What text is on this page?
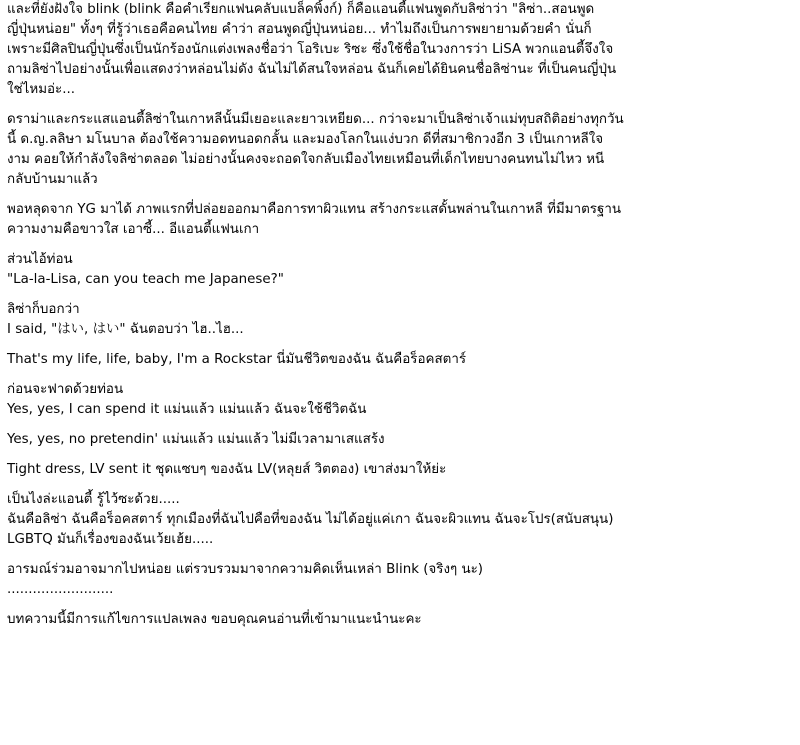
และที่ยังฝังใจ blink (blink คือคำเรียกแฟนคลับแบล็คพิ้งก์) ก็คือแอนตี้แฟนพูดกับลิซ่าว่า "ลิซ่า..สอนพูด
ญี่ปุ่นหน่อย" ทั้งๆ ที่รู้ว่าเธอคือคนไทย คำว่า สอนพูดญี่ปุ่นหน่อย... ทำไมถึงเป็นการพยายามด้วยคำ นั่นก็
เพราะมีศิลปินญี่ปุ่นซึ่งเป็นนักร้องนักแต่งเพลงชื่อว่า โอริเบะ ริซะ ซึ่งใช้ชื่อในวงการว่า LiSA พวกแอนตี้จึงใจ
ถามลิซ่าไปอย่างนั้นเพื่อแสดงว่าหล่อนไม่ดัง ฉันไม่ได้สนใจหล่อน ฉันก็เคยได้ยินคนชื่อลิซ่านะ ที่เป็นคนญี่ปุ่น
ใช่ไหมอ่ะ...
ดราม่าและกระแสแอนตี้ลิซ่าในเกาหลีนั้นมีเยอะและยาวเหยียด... กว่าจะมาเป็นลิซ่าเจ้าแม่ทุบสถิติอย่างทุกวัน
นี้ ด.ญ.ลลิษา มโนบาล ต้องใช้ความอดทนอดกลั้น และมองโลกในแง่บวก ดีที่สมาชิกวงอีก 3 เป็นเกาหลีใจ
งาม คอยให้กำลังใจลิซ่าตลอด ไม่อย่างนั้นคงจะถอดใจกลับเมืองไทยเหมือนที่เด็กไทยบางคนทนไม่ไหว หนี
กลับบ้านมาแล้ว
พอหลุดจาก YG มาได้ ภาพแรกที่ปล่อยออกมาคือการทาผิวแทน สร้างกระแสดั้นพล่านในเกาหลี ที่มีมาตรฐาน
ความงามคือขาวใส เอาซี้... อีแอนตี้แฟนเกา
ส่วนไอ้ท่อน
"La-la-Lisa, can you teach me Japanese?"
ลิซ่าก็บอกว่า
I said, "はい, はい" ฉันตอบว่า ไฮ..ไฮ...
That's my life, life, baby, I'm a Rockstar นี่มันชีวิตของฉัน ฉันคือร็อคสตาร์
ก่อนจะฟาดด้วยท่อน
Yes, yes, I can spend it แม่นแล้ว แม่นแล้ว ฉันจะใช้ชีวิตฉัน
Yes, yes, no pretendin' แม่นแล้ว แม่นแล้ว ไม่มีเวลามาเสแสร้ง
Tight dress, LV sent it ชุดแซบๆ ของฉัน LV(หลุยส์ วิตตอง) เขาส่งมาให้ย่ะ
เป็นไงล่ะแอนตี้ รู้ไว้ซะด้วย.....
ฉันคือลิซ่า ฉันคือร็อคสตาร์ ทุกเมืองที่ฉันไปคือที่ของฉัน ไม่ได้อยู่แค่เกา ฉันจะผิวแทน ฉันจะโปร(สนับสนุน)
LGBTQ มันก็เรื่องของฉันเว้ยเฮ้ย.....
อารมณ์ร่วมอาจมากไปหน่อย แต่รวบรวมมาจากความคิดเห็นเหล่า Blink (จริงๆ นะ)
.........................
บทความนี้มีการแก้ไขการแปลเพลง ขอบคุณคนอ่านที่เข้ามาแนะนำนะคะ
